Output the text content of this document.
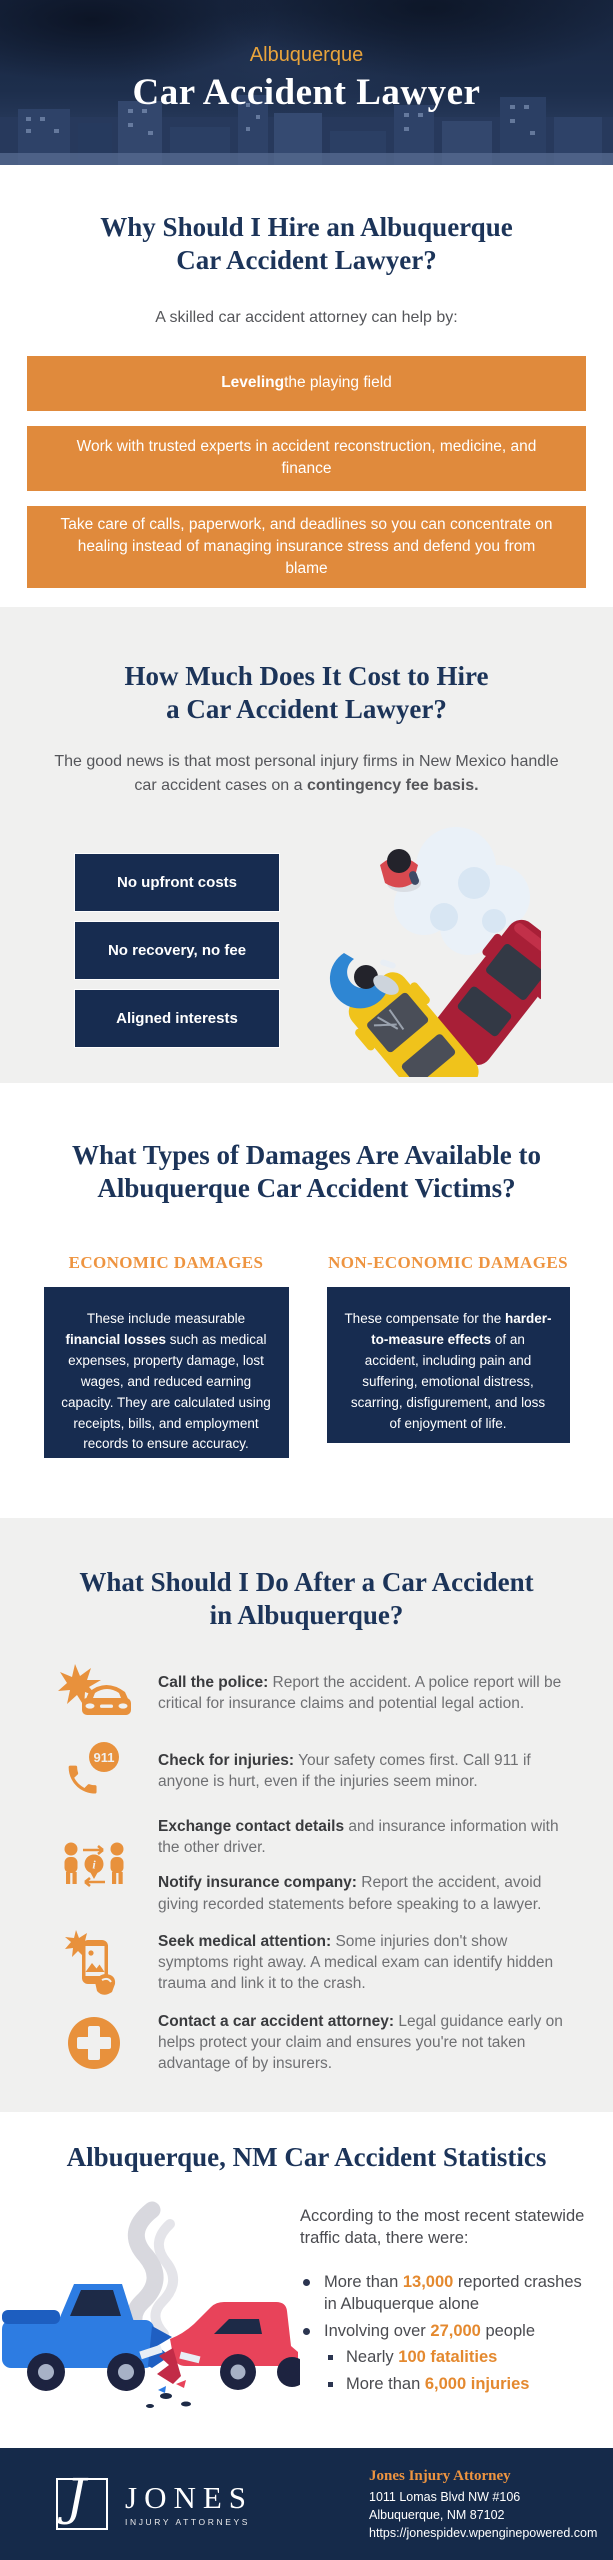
Albuquerque
Car Accident Lawyer
Why Should I Hire an Albuquerque
Car Accident Lawyer?
A skilled car accident attorney can help by:
Leveling the playing field
Work with trusted experts in accident reconstruction, medicine, and finance
Take care of calls, paperwork, and deadlines so you can concentrate on healing instead of managing insurance stress and defend you from blame
How Much Does It Cost to Hire
a Car Accident Lawyer?
The good news is that most personal injury firms in New Mexico handle car accident cases on a contingency fee basis.
No upfront costs
No recovery, no fee
Aligned interests
What Types of Damages Are Available to
Albuquerque Car Accident Victims?
ECONOMIC DAMAGES
These include measurable financial losses such as medical expenses, property damage, lost wages, and reduced earning capacity. They are calculated using receipts, bills, and employment records to ensure accuracy.
NON-ECONOMIC DAMAGES
These compensate for the harder-to-measure effects of an accident, including pain and suffering, emotional distress, scarring, disfigurement, and loss of enjoyment of life.
What Should I Do After a Car Accident
in Albuquerque?
Call the police: Report the accident. A police report will be critical for insurance claims and potential legal action.
911	Check for injuries: Your safety comes first. Call 911 if anyone is hurt, even if the injuries seem minor.
i
Exchange contact details and insurance information with the other driver.
Notify insurance company: Report the accident, avoid giving recorded statements before speaking to a lawyer.
Seek medical attention: Some injuries don't show symptoms right away. A medical exam can identify hidden trauma and link it to the crash.
Contact a car accident attorney: Legal guidance early on helps protect your claim and ensures you're not taken advantage of by insurers.
Albuquerque, NM Car Accident Statistics
According to the most recent statewide traffic data, there were:
More than 13,000 reported crashes in Albuquerque alone
Involving over 27,000 people
Nearly 100 fatalities
More than 6,000 injuries
J JONES
INJURY ATTORNEYS
Jones Injury Attorney
1011 Lomas Blvd NW #106
Albuquerque, NM 87102
https://jonespidev.wpenginepowered.com
